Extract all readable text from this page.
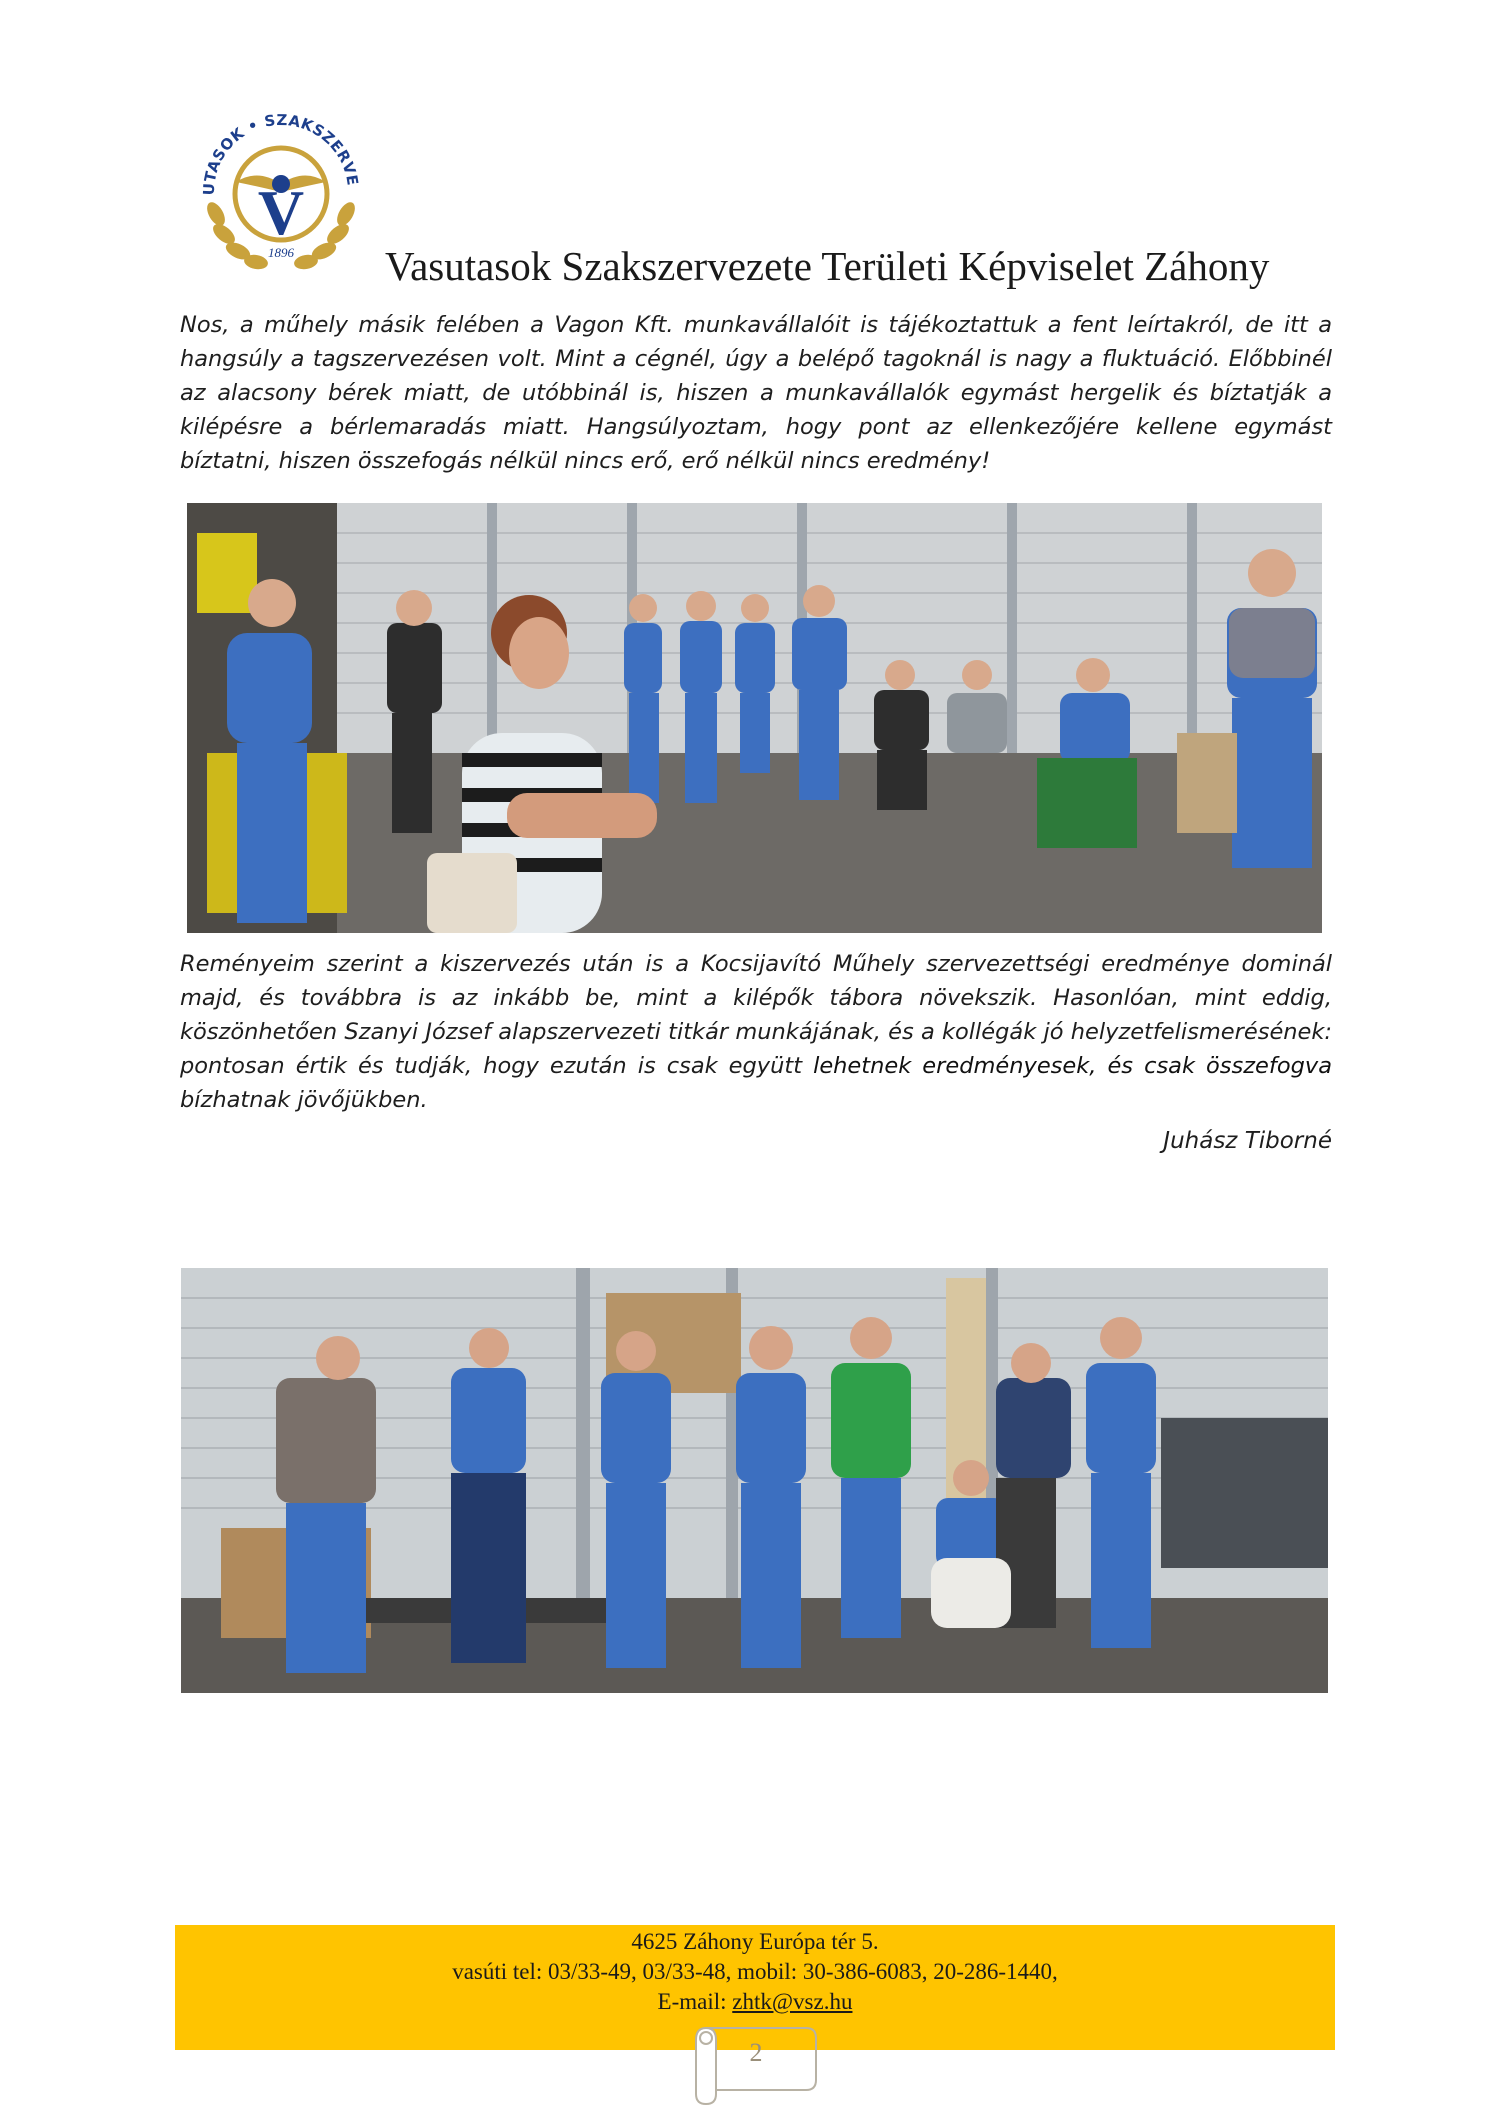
UTASOK • SZAKSZERVE
V
1896 Vasutasok Szakszervezete Területi Képviselet Záhony

Nos, a műhely másik felében a Vagon Kft. munkavállalóit is tájékoztattuk a fent leírtakról, de itt a hangsúly a tagszervezésen volt. Mint a cégnél, úgy a belépő tagoknál is nagy a fluktuáció. Előbbinél az alacsony bérek miatt, de utóbbinál is, hiszen a munkavállalók egymást hergelik és bíztatják a kilépésre a bérlemaradás miatt. Hangsúlyoztam, hogy pont az ellenkezőjére kellene egymást bíztatni, hiszen összefogás nélkül nincs erő, erő nélkül nincs eredmény!

Reményeim szerint a kiszervezés után is a Kocsijavító Műhely szervezettségi eredménye dominál majd, és továbbra is az inkább be, mint a kilépők tábora növekszik. Hasonlóan, mint eddig, köszönhetően Szanyi József alapszervezeti titkár munkájának, és a kollégák jó helyzetfelismerésének: pontosan értik és tudják, hogy ezután is csak együtt lehetnek eredményesek, és csak összefogva bízhatnak jövőjükben.

Juhász Tiborné
4625 Záhony Európa tér 5.
vasúti tel: 03/33-49, 03/33-48, mobil: 30-386-6083, 20-286-1440,
E-mail: zhtk@vsz.hu
2
